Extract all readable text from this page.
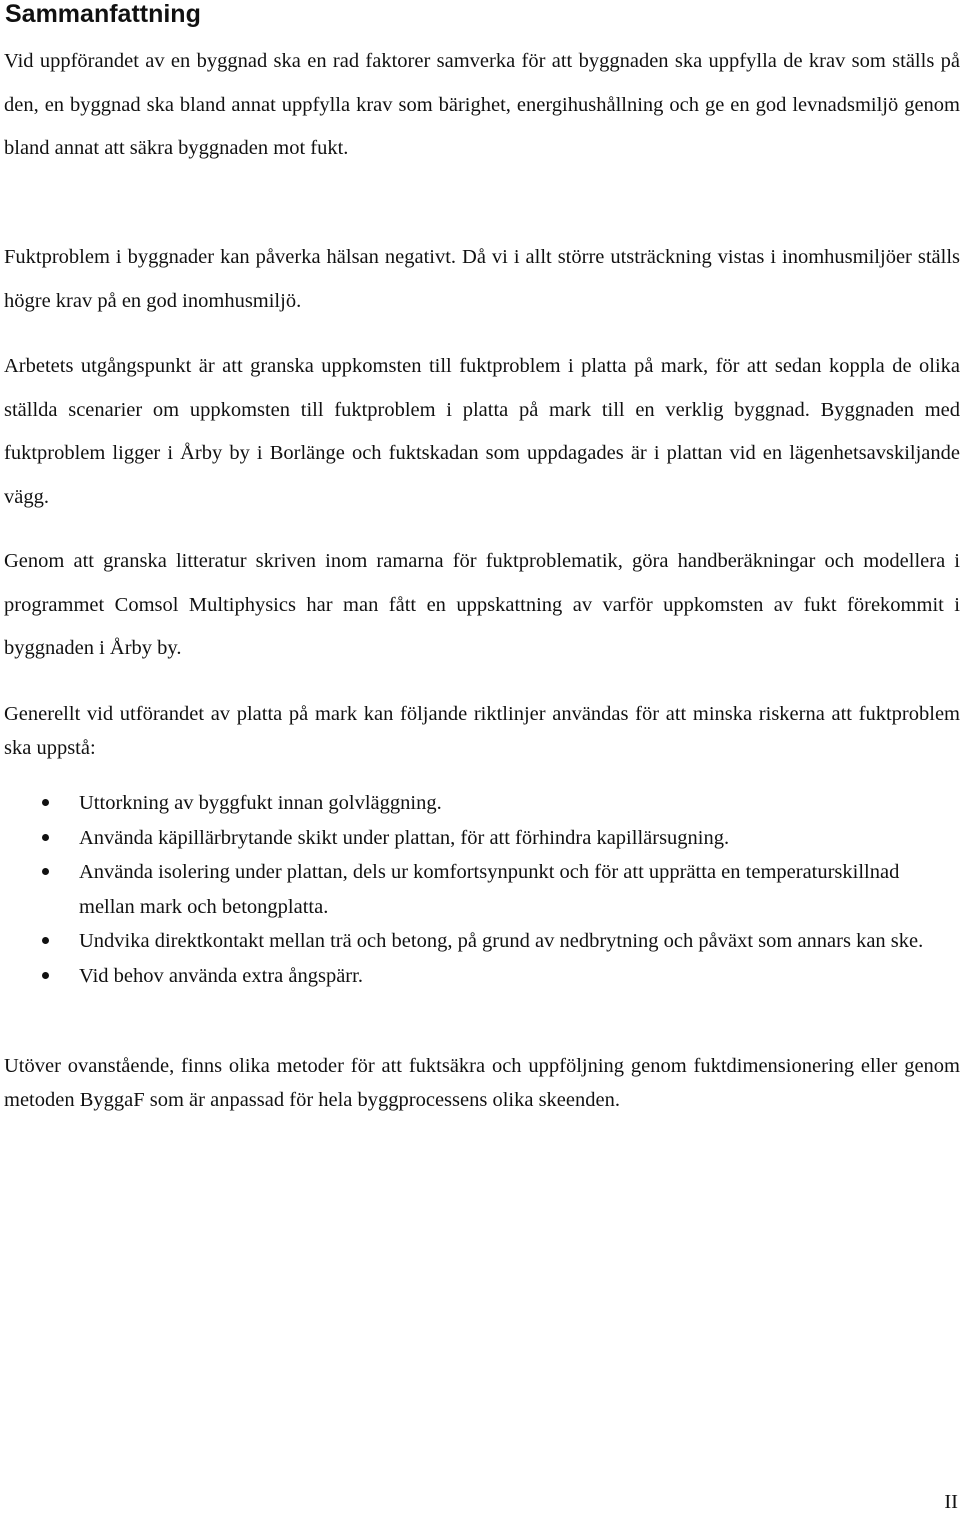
Sammanfattning

Vid uppförandet av en byggnad ska en rad faktorer samverka för att byggnaden ska uppfylla de krav som ställs på den, en byggnad ska bland annat uppfylla krav som bärighet, energihushållning och ge en god levnadsmiljö genom bland annat att säkra byggnaden mot fukt.

Fuktproblem i byggnader kan påverka hälsan negativt. Då vi i allt större utsträckning vistas i inomhusmiljöer ställs högre krav på en god inomhusmiljö.

Arbetets utgångspunkt är att granska uppkomsten till fuktproblem i platta på mark, för att sedan koppla de olika ställda scenarier om uppkomsten till fuktproblem i platta på mark till en verklig byggnad. Byggnaden med fuktproblem ligger i Årby by i Borlänge och fuktskadan som uppdagades är i plattan vid en lägenhetsavskiljande vägg.

Genom att granska litteratur skriven inom ramarna för fuktproblematik, göra handberäkningar och modellera i programmet Comsol Multiphysics har man fått en uppskattning av varför uppkomsten av fukt förekommit i byggnaden i Årby by.

Generellt vid utförandet av platta på mark kan följande riktlinjer användas för att minska riskerna att fuktproblem ska uppstå:

Uttorkning av byggfukt innan golvläggning.
Använda käpillärbrytande skikt under plattan, för att förhindra kapillärsugning.
Använda isolering under plattan, dels ur komfortsynpunkt och för att upprätta en temperaturskillnad mellan mark och betongplatta.
Undvika direktkontakt mellan trä och betong, på grund av nedbrytning och påväxt som annars kan ske.
Vid behov använda extra ångspärr.

Utöver ovanstående, finns olika metoder för att fuktsäkra och uppföljning genom fuktdimensionering eller genom metoden ByggaF som är anpassad för hela byggprocessens olika skeenden.

II
